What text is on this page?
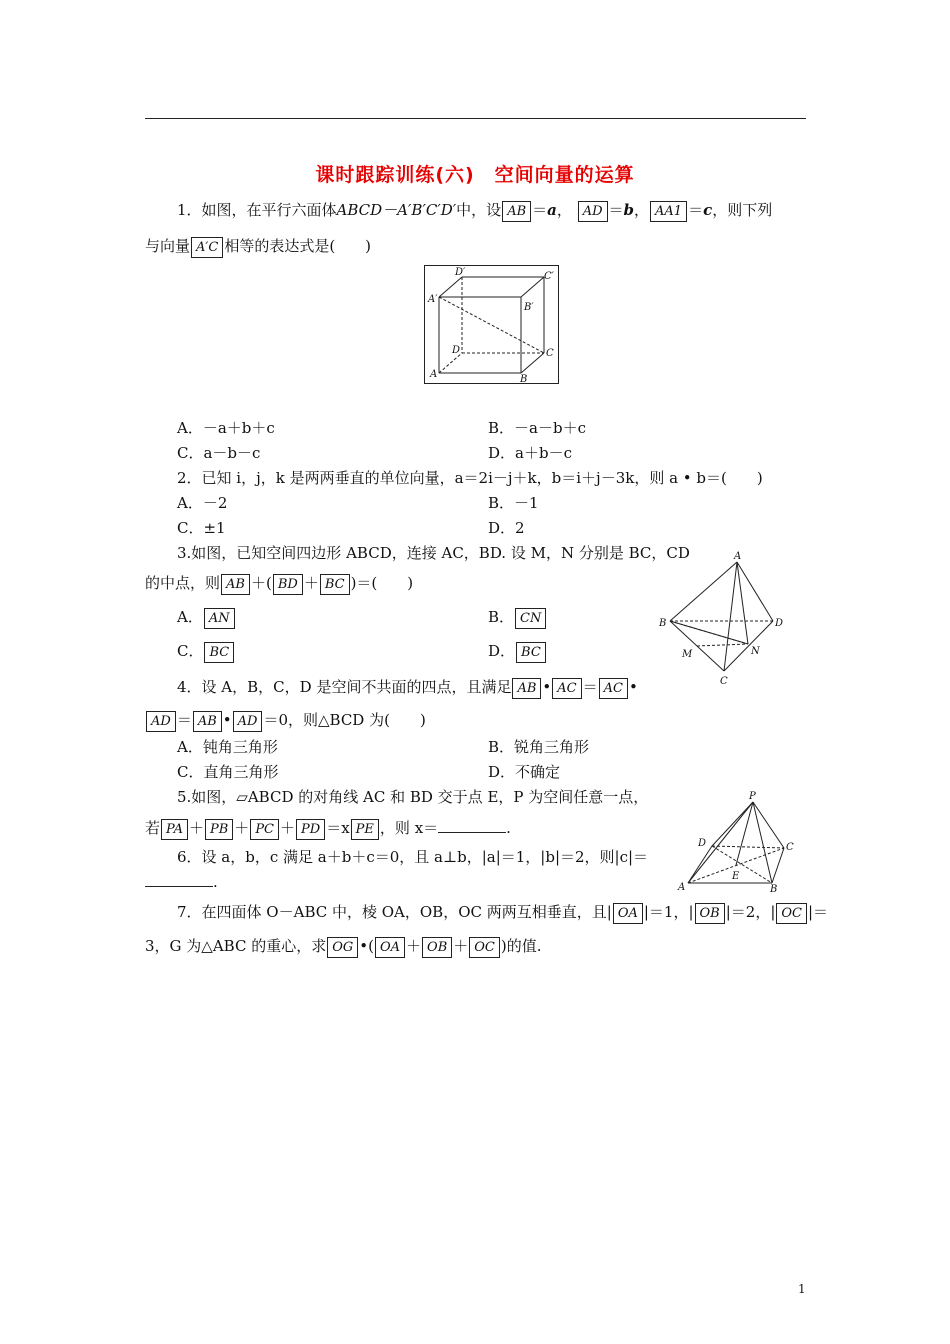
课时跟踪训练(六)　空间向量的运算
1．如图，在平行六面体ABCD－A′B′C′D′中，设 AB ＝a， AD ＝b， AA1 ＝c，则下列
与向量 A′C 相等的表达式是(　　)
D′	C′
A′
B′
D	C
A	B
A．－a＋b＋c	B．－a－b＋c
C．a－b－c	D．a＋b－c
2．已知 i，j，k 是两两垂直的单位向量，a＝2i－j＋k，b＝i＋j－3k，则 a • b＝(　　)
A．－2	B．－1
C．±1	D．2
3.如图，已知空间四边形 ABCD，连接 AC，BD. 设 M，N 分别是 BC，CD
的中点，则 AB ＋( BD ＋ BC )＝(　　)
A． AN	B． CN
C． BC	D． BC
A
B	D
M	N
C
4．设 A，B，C，D 是空间不共面的四点，且满足 AB • AC ＝ AC •
AD ＝ AB • AD ＝0，则△BCD 为(　　)
A．钝角三角形	B．锐角三角形
C．直角三角形	D．不确定
5.如图，▱ABCD 的对角线 AC 和 BD 交于点 E，P 为空间任意一点，
若 PA ＋ PB ＋ PC ＋ PD ＝x PE ，则 x＝	.
P
D	C
E
A	B
6．设 a，b，c 满足 a＋b＋c＝0，且 a⊥b，|a|＝1，|b|＝2，则|c|＝
.
7．在四面体 O－ABC 中，棱 OA，OB，OC 两两互相垂直，且| OA |＝1，| OB |＝2，| OC |＝
3，G 为△ABC 的重心，求 OG •( OA ＋ OB ＋ OC )的值.
1
